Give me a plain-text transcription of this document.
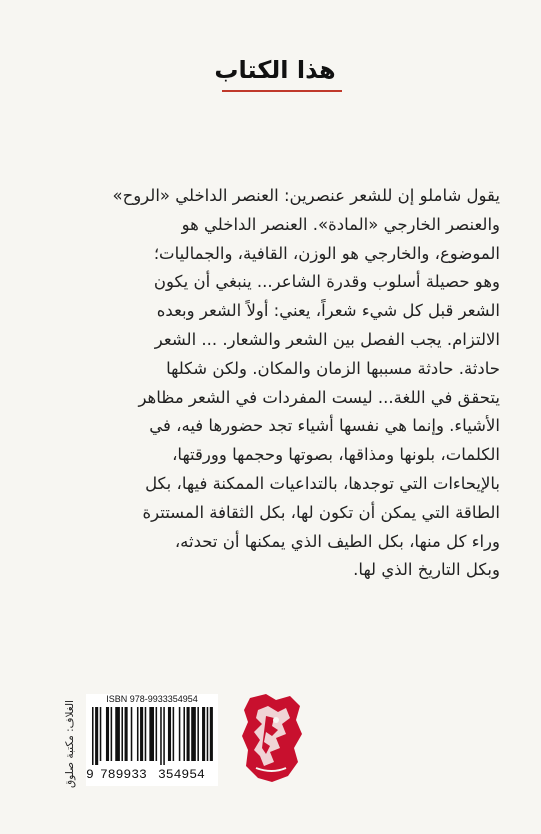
هذا الكتاب
يقول شاملو إن للشعر عنصرين: العنصر الداخلي «الروح»
والعنصر الخارجي «المادة». العنصر الداخلي هو
الموضوع، والخارجي هو الوزن، القافية، والجماليات؛
وهو حصيلة أسلوب وقدرة الشاعر... ينبغي أن يكون
الشعر قبل كل شيء شعراً، يعني: أولاً الشعر وبعده
الالتزام. يجب الفصل بين الشعر والشعار. ... الشعر
حادثة. حادثة مسببها الزمان والمكان. ولكن شكلها
يتحقق في اللغة... ليست المفردات في الشعر مظاهر
الأشياء. وإنما هي نفسها أشياء تجد حضورها فيه، في
الكلمات، بلونها ومذاقها، بصوتها وحجمها وورقتها،
بالإيحاءات التي توجدها، بالتداعيات الممكنة فيها، بكل
الطاقة التي يمكن أن تكون لها، بكل الثقافة المستترة
وراء كل منها، بكل الطيف الذي يمكنها أن تحدثه،
وبكل التاريخ الذي لها.
الغلاف: مكتبة صلوق
ISBN 978-9933354954
9 789933 354954
